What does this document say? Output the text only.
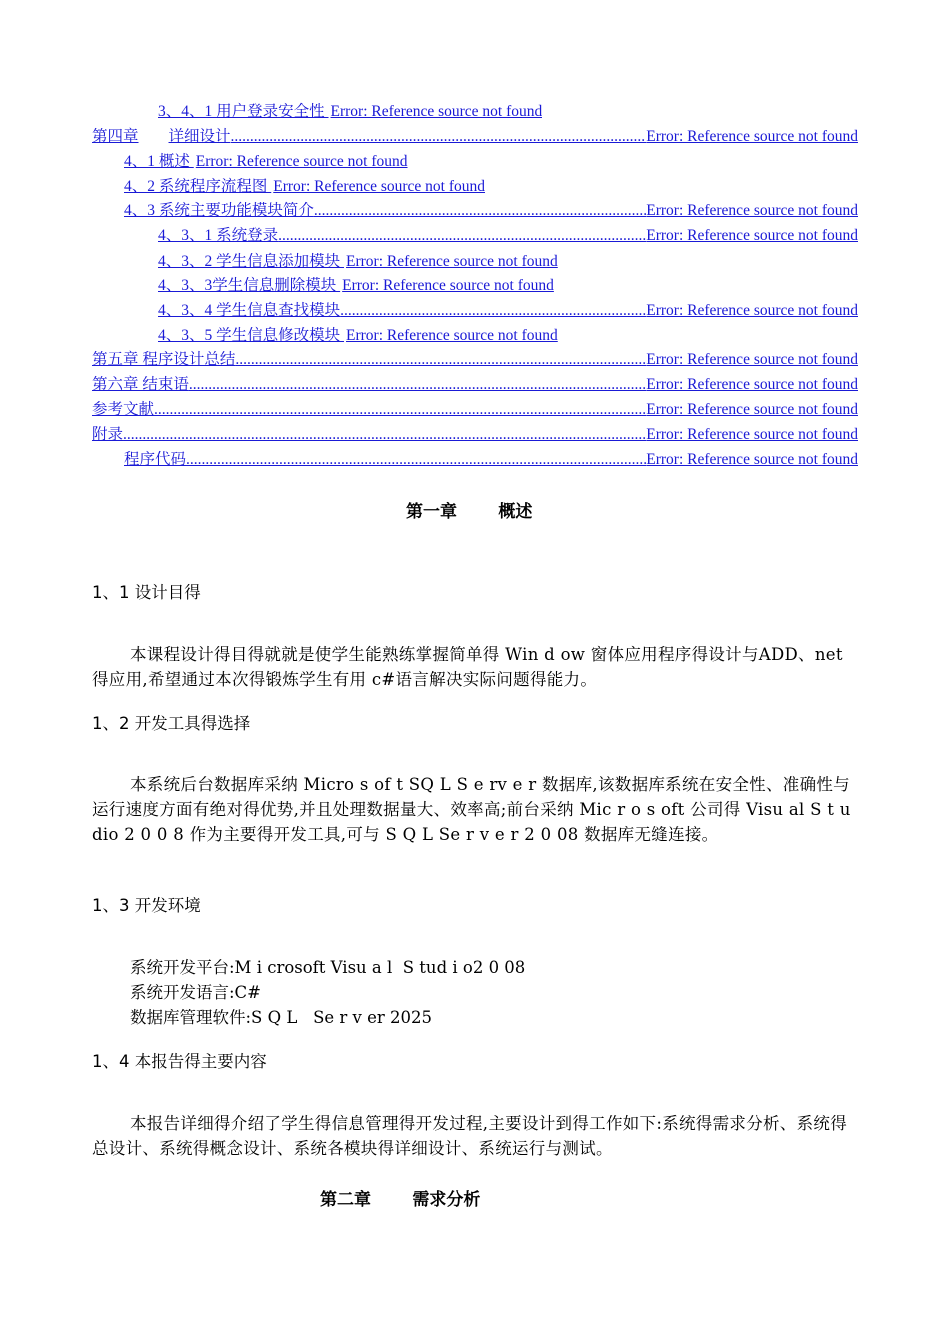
3、4、1 用户登录安全性 Error: Reference source not found
第四章 详细设计 .....	Error: Reference source not found
4、1 概述 Error: Reference source not found
4、2 系统程序流程图 Error: Reference source not found
4、3 系统主要功能模块简介 .....	Error: Reference source not found
4、3、1 系统登录 .....	Error: Reference source not found
4、3、2 学生信息添加模块 Error: Reference source not found
4、3、3学生信息删除模块 Error: Reference source not found
4、3、4 学生信息查找模块 .....	Error: Reference source not found
4、3、5 学生信息修改模块 Error: Reference source not found
第五章 程序设计总结 .....	Error: Reference source not found
第六章 结束语 .....	Error: Reference source not found
参考文献 .....	Error: Reference source not found
附录 .....	Error: Reference source not found
程序代码 .....	Error: Reference source not found
第一章       概述
1、1 设计目得

本课程设计得目得就就是使学生能熟练掌握简单得 Win d ow 窗体应用程序得设计与ADD、net 得应用,希望通过本次得锻炼学生有用 c#语言解决实际问题得能力。

1、2 开发工具得选择

本系统后台数据库采纳 Micro s of t SQ L S e rv e r 数据库,该数据库系统在安全性、准确性与运行速度方面有绝对得优势,并且处理数据量大、效率高;前台采纳 Mic r o s oft 公司得 Visu al S t u dio 2 0 0 8 作为主要得开发工具,可与 S Q L Se r v e r 2 0 08 数据库无缝连接。

1、3 开发环境
系统开发平台:M i crosoft Visu a l  S tud i o2 0 08
系统开发语言:C#
数据库管理软件:S Q L   Se r v er 2025
1、4 本报告得主要内容

本报告详细得介绍了学生得信息管理得开发过程,主要设计到得工作如下:系统得需求分析、系统得总设计、系统得概念设计、系统各模块得详细设计、系统运行与测试。

第二章       需求分析
